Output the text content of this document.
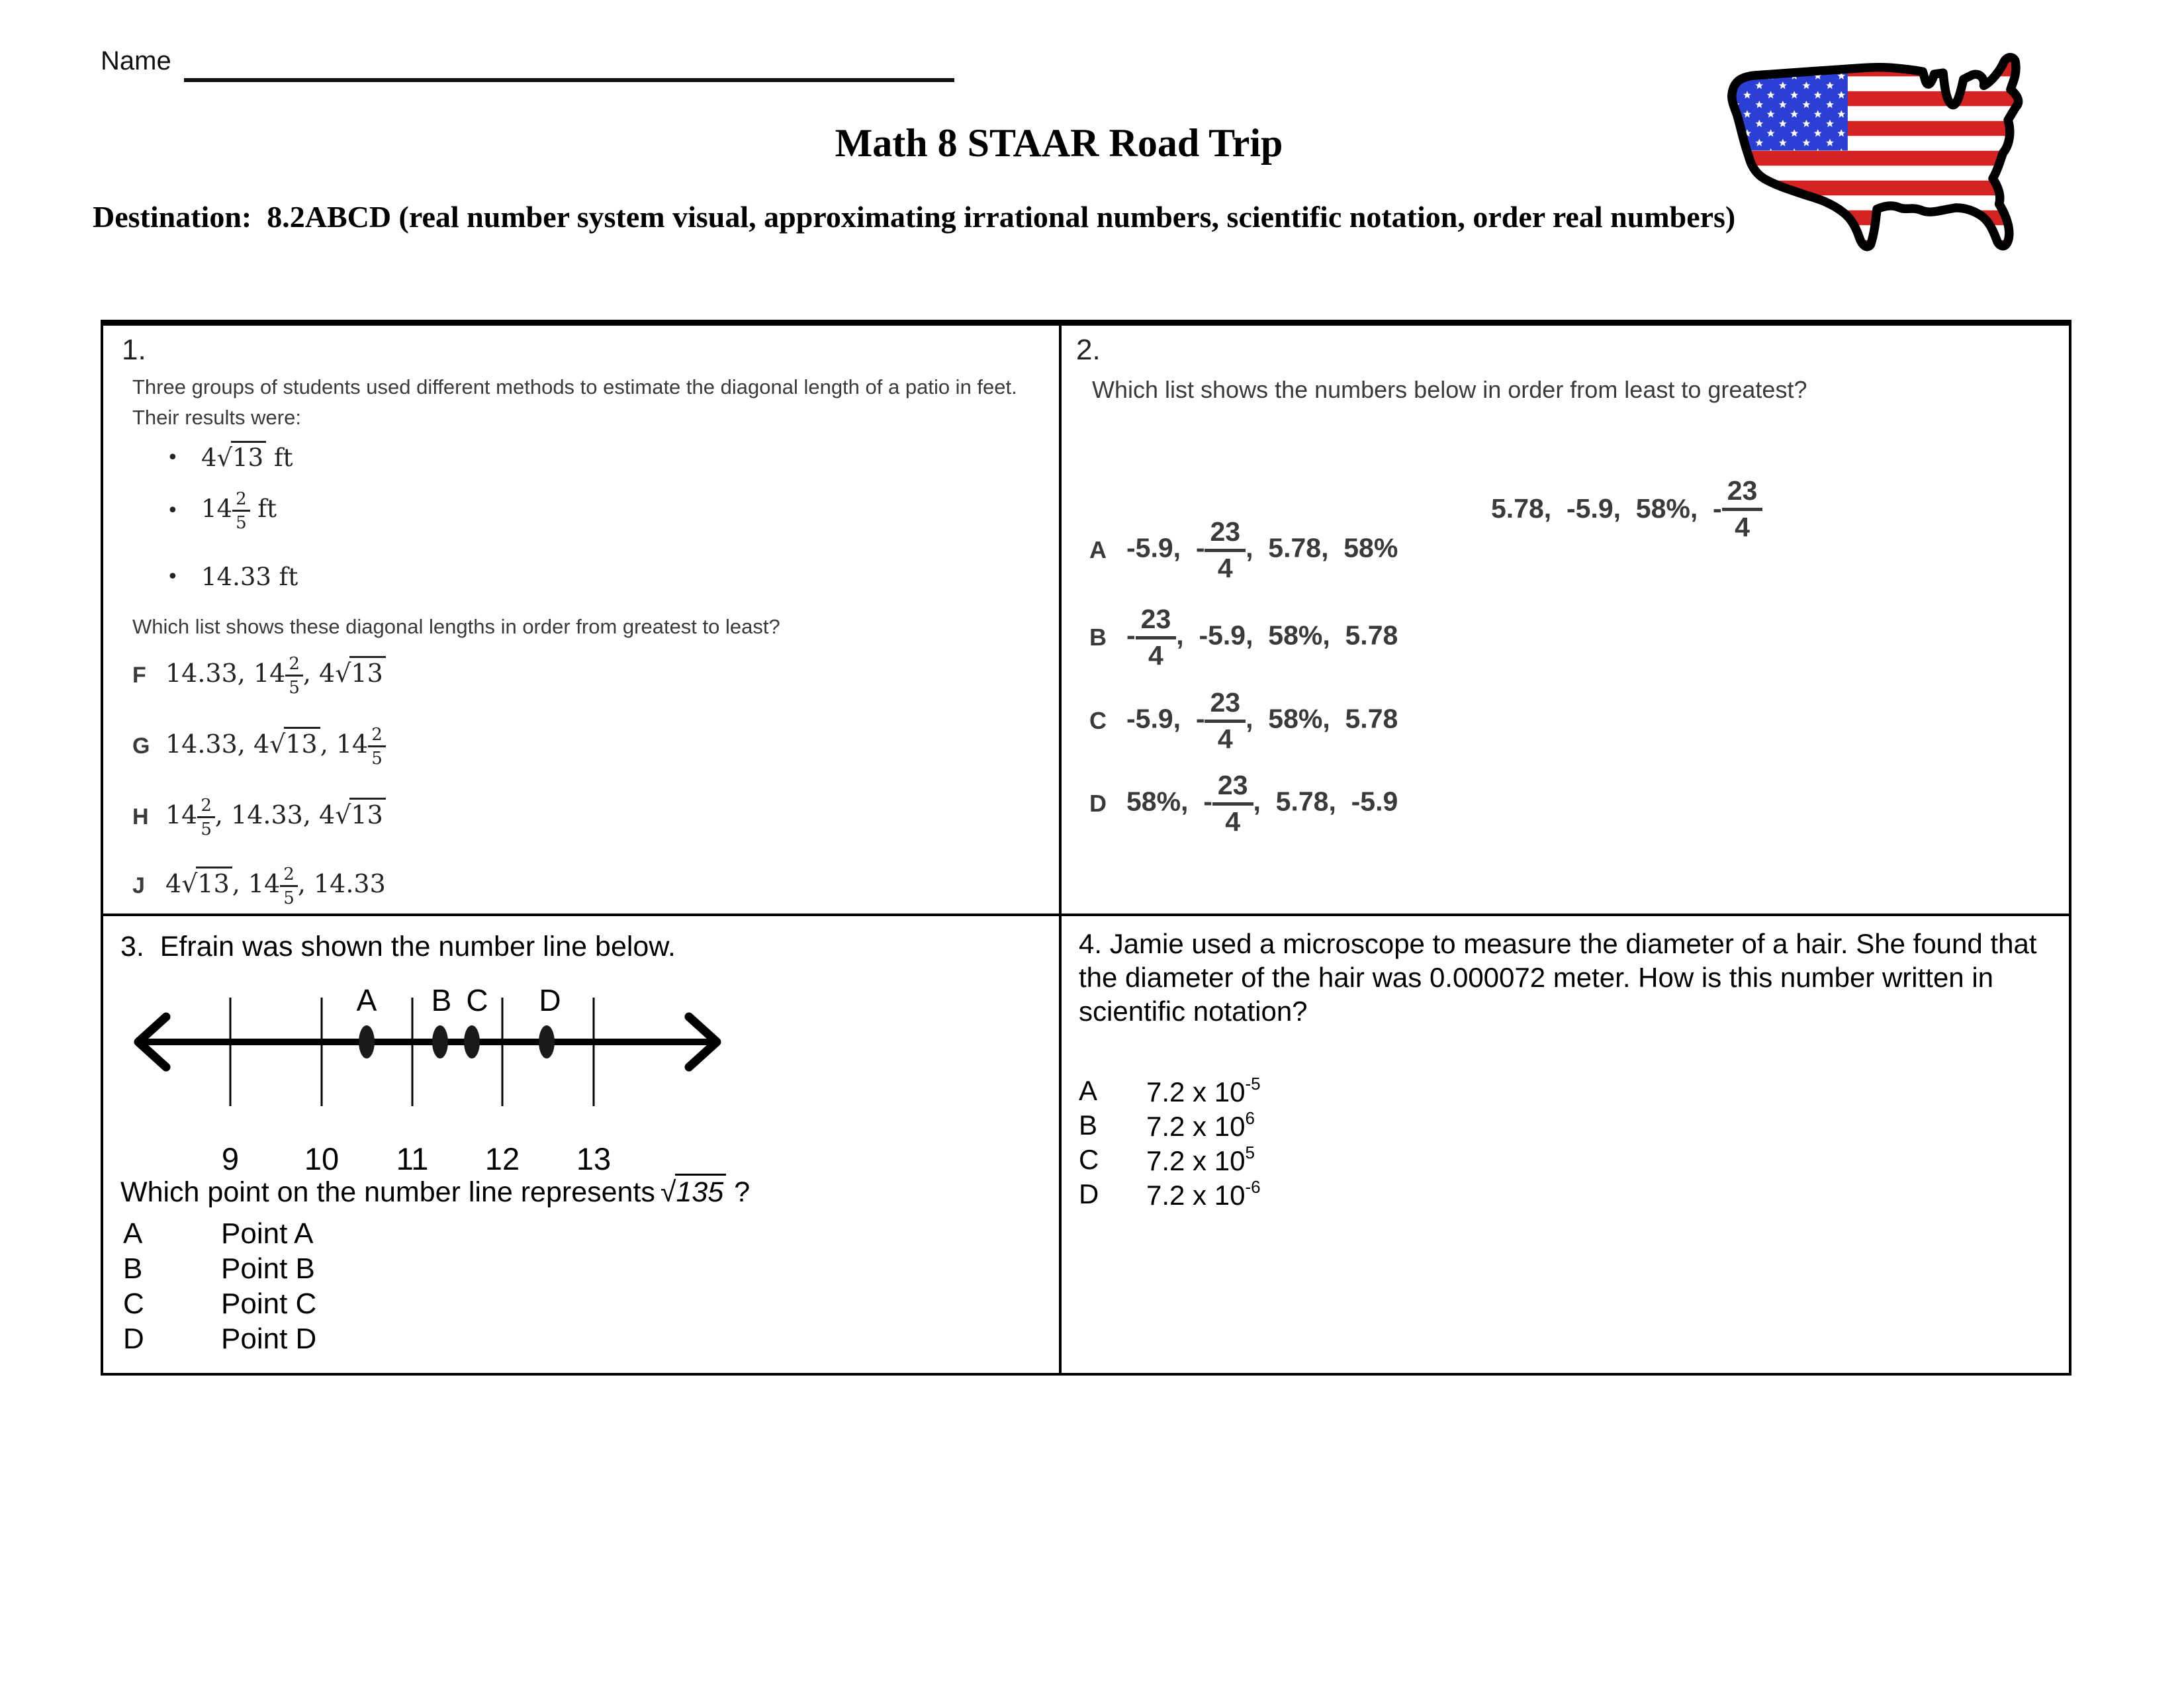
Name
Math 8 STAAR Road Trip

Destination:  8.2ABCD (real number system visual, approximating irrational numbers, scientific notation, order real numbers)

1.
Three groups of students used different methods to estimate the diagonal length of a patio in feet. Their results were:
• 4√13 ft
• $14 \frac{2}{5}$ ft
• 14.33 ft
Which list shows these diagonal lengths in order from greatest to least?
F 14.33, $14 \frac{2}{5}$ , 4√13
G 14.33, 4√13 , $14 \frac{2}{5}$
H $14 \frac{2}{5}$ , 14.33, 4√13
J 4√13 , $14 \frac{2}{5}$ , 14.33
2.
Which list shows the numbers below in order from least to greatest?
5.78,  -5.9,  58%,  - $\frac{23}{4}$
A -5.9,  - $\frac{23}{4}$ ,  5.78,  58%
B - $\frac{23}{4}$ ,  -5.9,  58%,  5.78
C -5.9,  - $\frac{23}{4}$ ,  58%,  5.78
D 58%,  - $\frac{23}{4}$ ,  5.78,  -5.9
3.  Efrain was shown the number line below.
A B C D
9 10 11 12 13
Which point on the number line represents √135 ?
A	Point A
B	Point B
C	Point C
D	Point D
4. Jamie used a microscope to measure the diameter of a hair. She found that the diameter of the hair was 0.000072 meter. How is this number written in scientific notation?
A	7.2 x $10^{-5}$
B	7.2 x $10^6$
C	7.2 x $10^5$
D	7.2 x $10^{-6}$
